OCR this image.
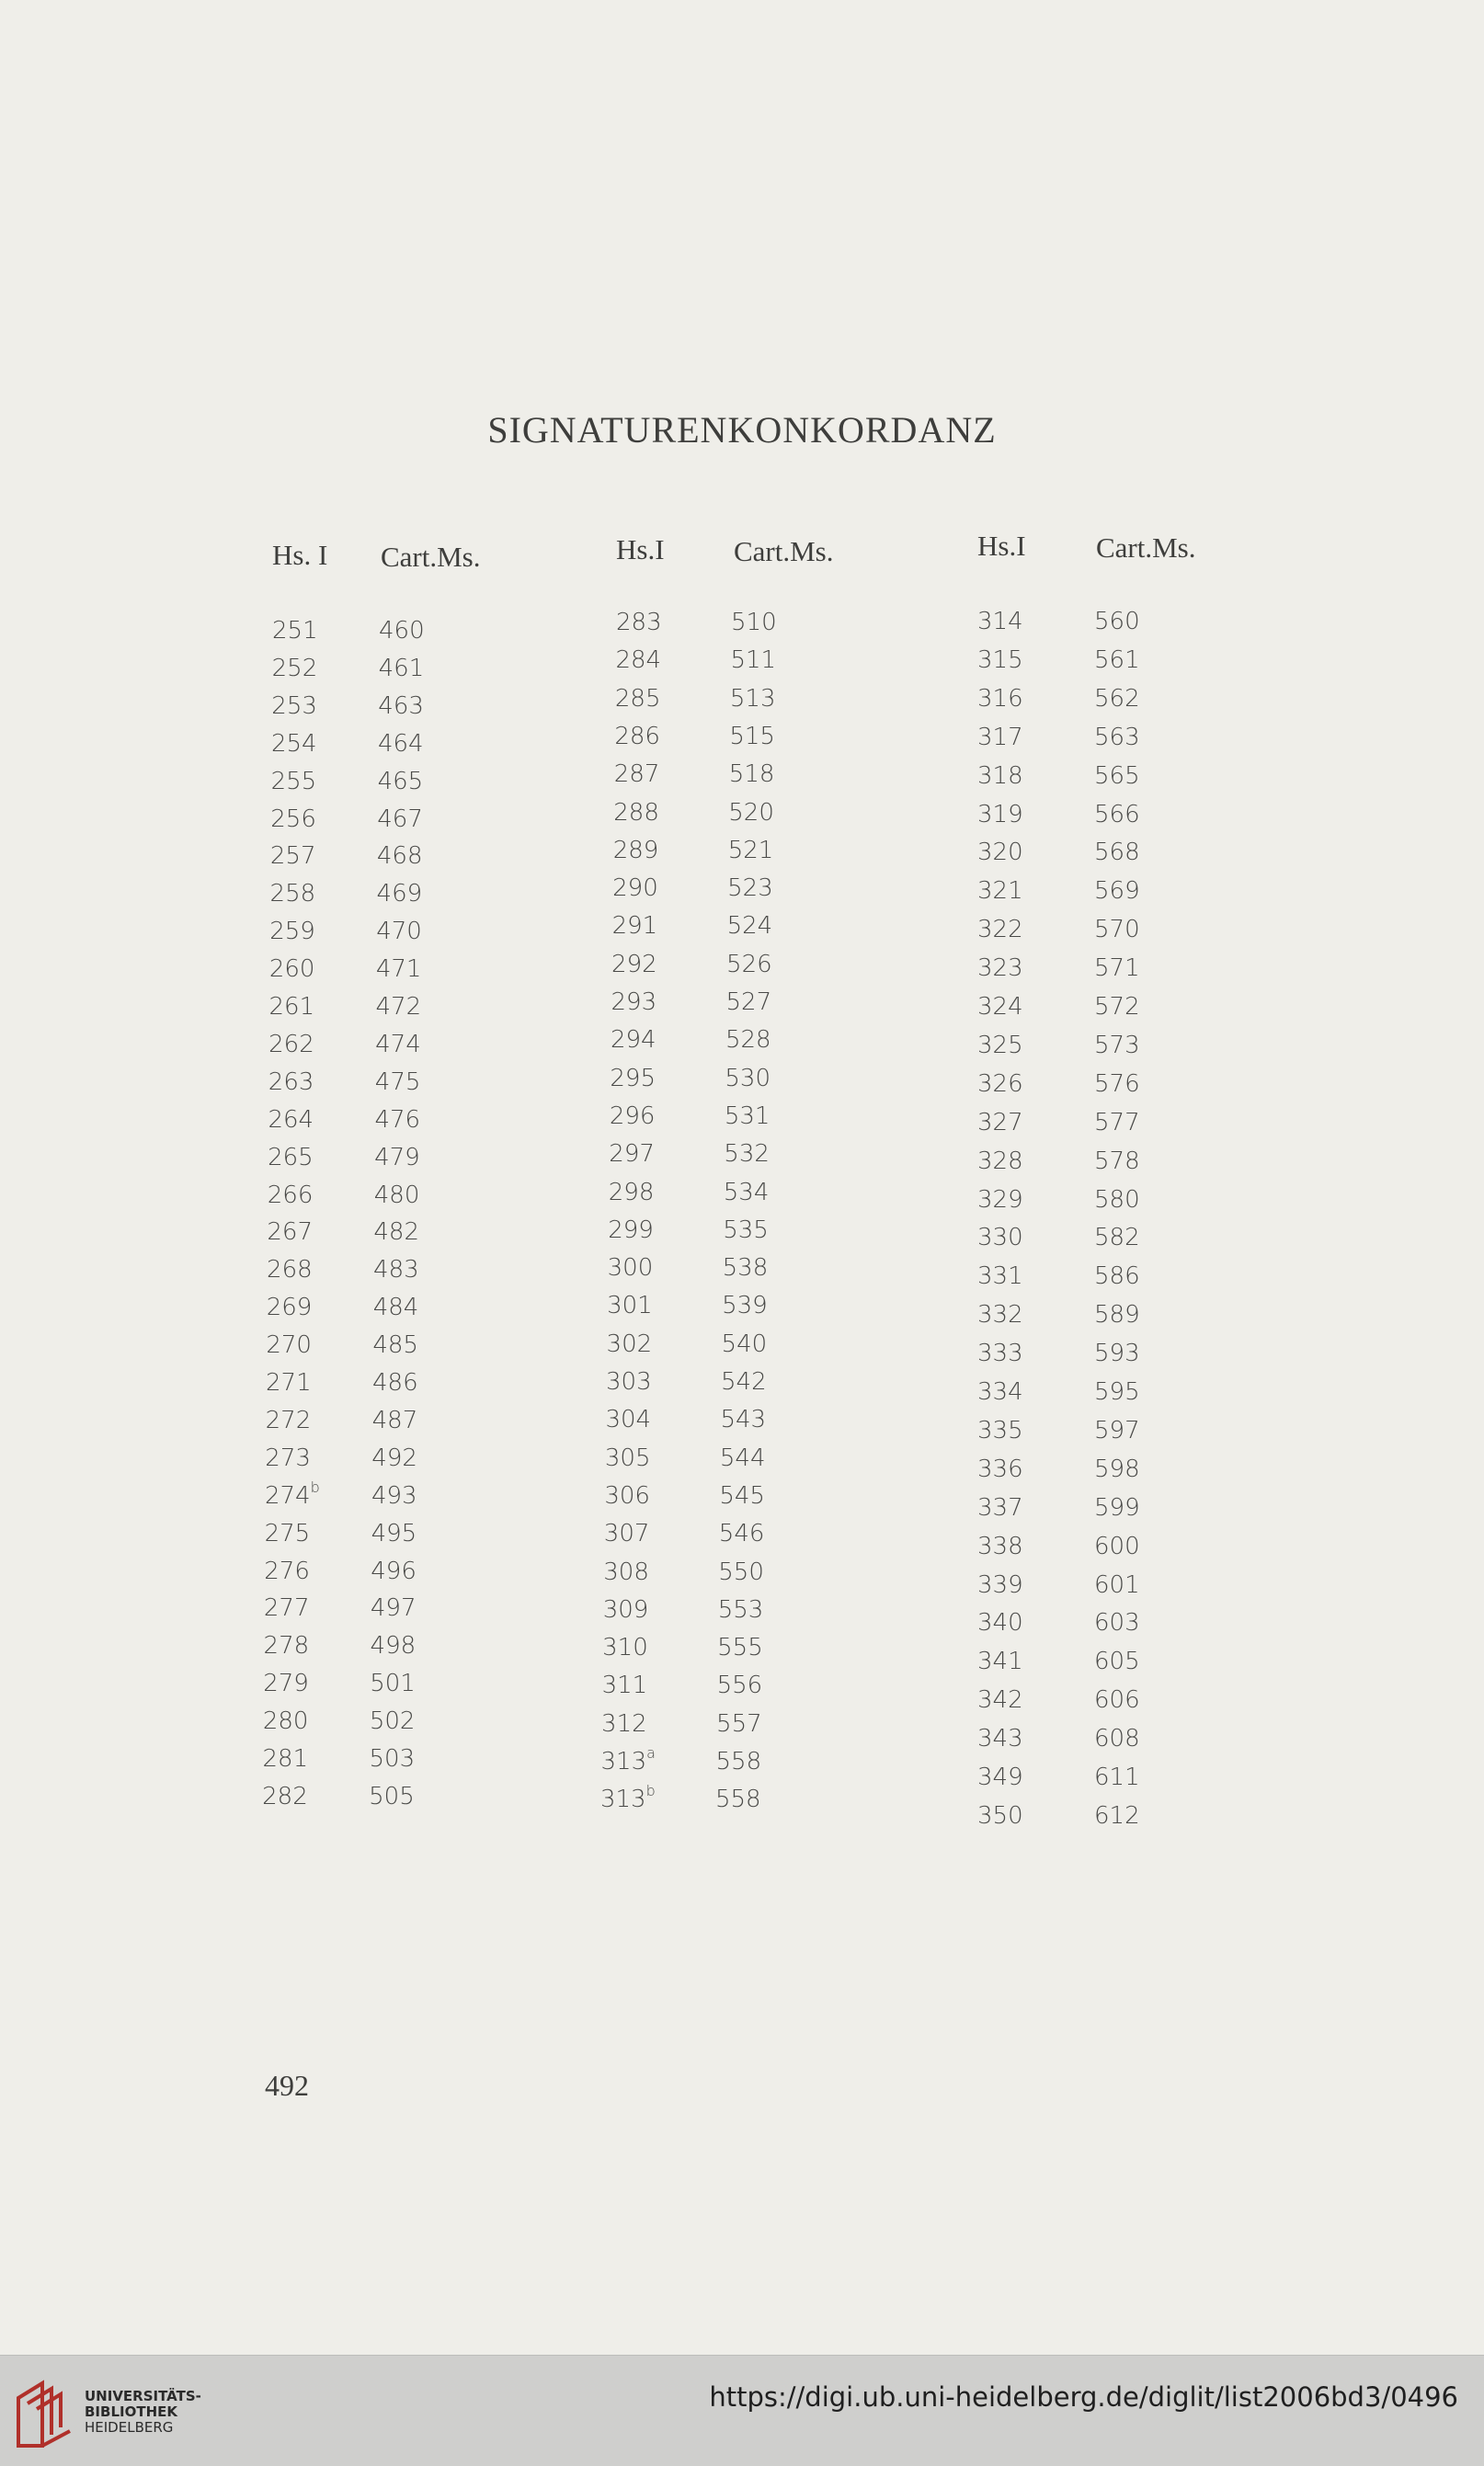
SIGNATURENKONKORDANZ
Hs. I Cart.Ms.
251	460
252	461
253	463
254	464
255	465
256	467
257	468
258	469
259	470
260	471
261	472
262	474
263	475
264	476
265	479
266	480
267	482
268	483
269	484
270	485
271	486
272	487
273	492
274$^b$ 493
275	495
276	496
277	497
278	498
279	501
280	502
281	503
282	505
Hs.I Cart.Ms.
283	510
284	511
285	513
286	515
287	518
288	520
289	521
290	523
291	524
292	526
293	527
294	528
295	530
296	531
297	532
298	534
299	535
300	538
301	539
302	540
303	542
304	543
305	544
306	545
307	546
308	550
309	553
310	555
311	556
312	557
313$^a$	558
313$^b$	558
Hs.I Cart.Ms.
314	560
315	561
316	562
317	563
318	565
319	566
320	568
321	569
322	570
323	571
324	572
325	573
326	576
327	577
328	578
329	580
330	582
331	586
332	589
333	593
334	595
335	597
336	598
337	599
338	600
339	601
340	603
341	605
342	606
343	608
349	611
350	612
492
UNIVERSITÄTS-
BIBLIOTHEK
HEIDELBERG
https://digi.ub.uni-heidelberg.de/diglit/list2006bd3/0496
